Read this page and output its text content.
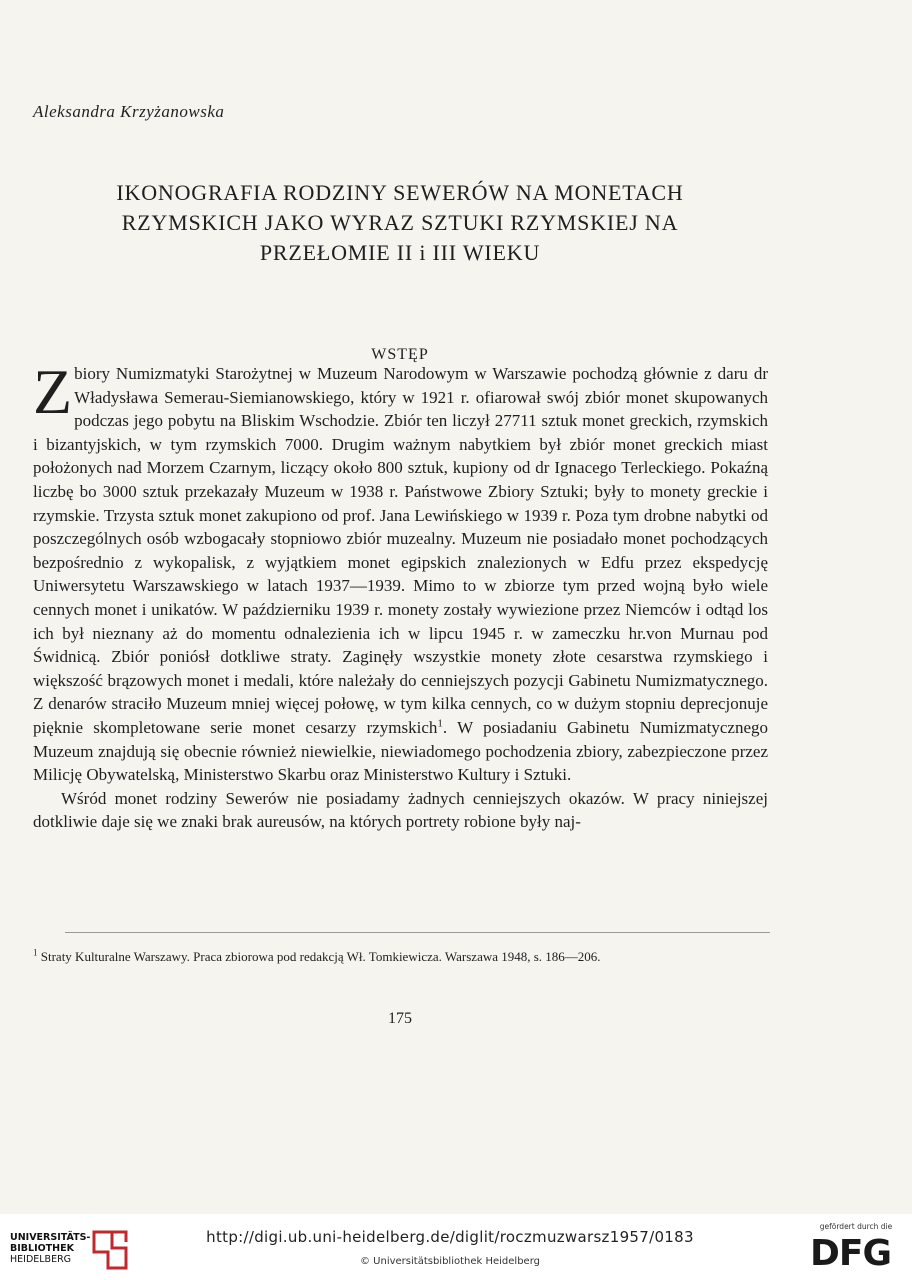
Aleksandra Krzyżanowska
IKONOGRAFIA RODZINY SEWERÓW NA MONETACH
RZYMSKICH JAKO WYRAZ SZTUKI RZYMSKIEJ NA
PRZEŁOMIE II i III WIEKU
WSTĘP

Zbiory Numizmatyki Starożytnej w Muzeum Narodowym w Warszawie pochodzą głównie z daru dr Władysława Semerau-Siemianowskiego, który w 1921 r. ofiarował swój zbiór monet skupowanych podczas jego pobytu na Bliskim Wschodzie. Zbiór ten liczył 27711 sztuk monet greckich, rzymskich i bizantyjskich, w tym rzymskich 7000. Drugim ważnym nabytkiem był zbiór monet greckich miast położonych nad Morzem Czarnym, liczący około 800 sztuk, kupiony od dr Ignacego Terleckiego. Pokaźną liczbę bo 3000 sztuk przekazały Muzeum w 1938 r. Państwowe Zbiory Sztuki; były to monety greckie i rzymskie. Trzysta sztuk monet zakupiono od prof. Jana Lewińskiego w 1939 r. Poza tym drobne nabytki od poszczególnych osób wzbogacały stopniowo zbiór muzealny. Muzeum nie posiadało monet pochodzących bezpośrednio z wykopalisk, z wyjątkiem monet egipskich znalezionych w Edfu przez ekspedycję Uniwersytetu Warszawskiego w latach 1937—1939. Mimo to w zbiorze tym przed wojną było wiele cennych monet i unikatów. W październiku 1939 r. monety zostały wywiezione przez Niemców i odtąd los ich był nieznany aż do momentu odnalezienia ich w lipcu 1945 r. w zameczku hr.von Murnau pod Świdnicą. Zbiór poniósł dotkliwe straty. Zaginęły wszystkie monety złote cesarstwa rzymskiego i większość brązowych monet i medali, które należały do cenniejszych pozycji Gabinetu Numizmatycznego. Z denarów straciło Muzeum mniej więcej połowę, w tym kilka cennych, co w dużym stopniu deprecjonuje pięknie skompletowane serie monet cesarzy rzymskich$^1$. W posiadaniu Gabinetu Numizmatycznego Muzeum znajdują się obecnie również niewielkie, niewiadomego pochodzenia zbiory, zabezpieczone przez Milicję Obywatelską, Ministerstwo Skarbu oraz Ministerstwo Kultury i Sztuki.

Wśród monet rodziny Sewerów nie posiadamy żadnych cenniejszych okazów. W pracy niniejszej dotkliwie daje się we znaki brak aureusów, na których portrety robione były naj-

$^1$ Straty Kulturalne Warszawy. Praca zbiorowa pod redakcją Wł. Tomkiewicza. Warszawa 1948, s. 186—206.
175
UNIVERSITÄTS-
BIBLIOTHEK
HEIDELBERG
http://digi.ub.uni-heidelberg.de/diglit/roczmuzwarsz1957/0183
© Universitätsbibliothek Heidelberg
gefördert durch die
DFG
